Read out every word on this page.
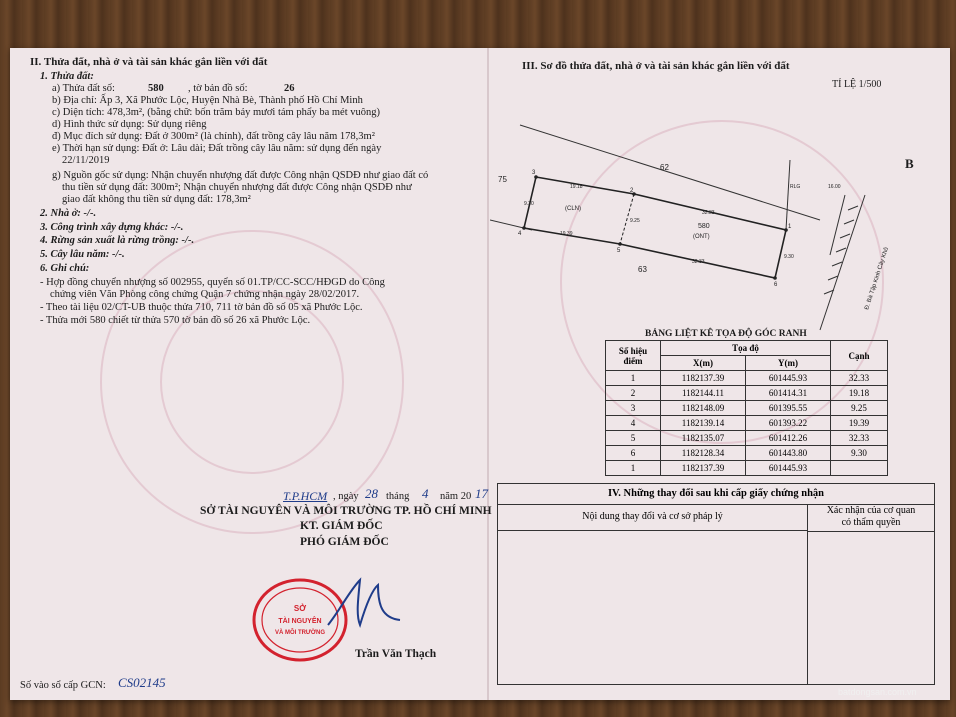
II. Thửa đất, nhà ở và tài sản khác gắn liền với đất
1. Thửa đất:
a) Thửa đất số:	580 , tờ bản đồ số:	26
b) Địa chỉ: Ấp 3, Xã Phước Lộc, Huyện Nhà Bè, Thành phố Hồ Chí Minh
c) Diện tích: 478,3m², (bằng chữ: bốn trăm bảy mươi tám phẩy ba mét vuông)
d) Hình thức sử dụng: Sử dụng riêng
đ) Mục đích sử dụng: Đất ở 300m² (là chính), đất trồng cây lâu năm 178,3m²
e) Thời hạn sử dụng: Đất ở: Lâu dài; Đất trồng cây lâu năm: sử dụng đến ngày
22/11/2019
g) Nguồn gốc sử dụng: Nhận chuyển nhượng đất được Công nhận QSDĐ như giao đất có
thu tiền sử dụng đất: 300m²; Nhận chuyển nhượng đất được Công nhận QSDĐ như
giao đất không thu tiền sử dụng đất: 178,3m²
2. Nhà ở: -/-.
3. Công trình xây dựng khác: -/-.
4. Rừng sản xuất là rừng trồng: -/-.
5. Cây lâu năm: -/-.
6. Ghi chú:
- Hợp đồng chuyển nhượng số 002955, quyển số 01.TP/CC-SCC/HĐGD do Công
chứng viên Văn Phòng công chứng Quận 7 chứng nhận ngày 28/02/2017.
- Theo tài liệu 02/CT-UB thuộc thửa 710, 711 tờ bản đồ số 05 xã Phước Lộc.
- Thửa mới 580 chiết từ thửa 570 tờ bản đồ số 26 xã Phước Lộc.
T.P.HCM , ngày 28 tháng 4 năm 20 17
SỞ TÀI NGUYÊN VÀ MÔI TRƯỜNG TP. HỒ CHÍ MINH
KT. GIÁM ĐỐC
PHÓ GIÁM ĐỐC
SỞ
TÀI NGUYÊN
VÀ MÔI TRƯỜNG
Trần Văn Thạch
Số vào sổ cấp GCN: CS02145
III. Sơ đồ thửa đất, nhà ở và tài sản khác gắn liền với đất
TỈ LỆ 1/500
B
62
75
63
580
(ONT)
(CLN)
19.18
32.33
19.39
32.33
9.30
9.25
9.30
16.00
RLG
3
2
1
6
5
4
Đ. Bà Tập Kinh Cây Khô
BẢNG LIỆT KÊ TỌA ĐỘ GÓC RANH
Số hiệu điểm	Tọa độ		Cạnh
	X(m)	Y(m)	
1	1182137.39	601445.93	32.33
2	1182144.11	601414.31	19.18
3	1182148.09	601395.55	9.25
4	1182139.14	601393.22	19.39
5	1182135.07	601412.26	32.33
6	1182128.34	601443.80	9.30
1	1182137.39	601445.93	
IV. Những thay đổi sau khi cấp giấy chứng nhận
Nội dung thay đổi và cơ sở pháp lý
Xác nhận của cơ quan
có thẩm quyền
batdongsan.com.vn
